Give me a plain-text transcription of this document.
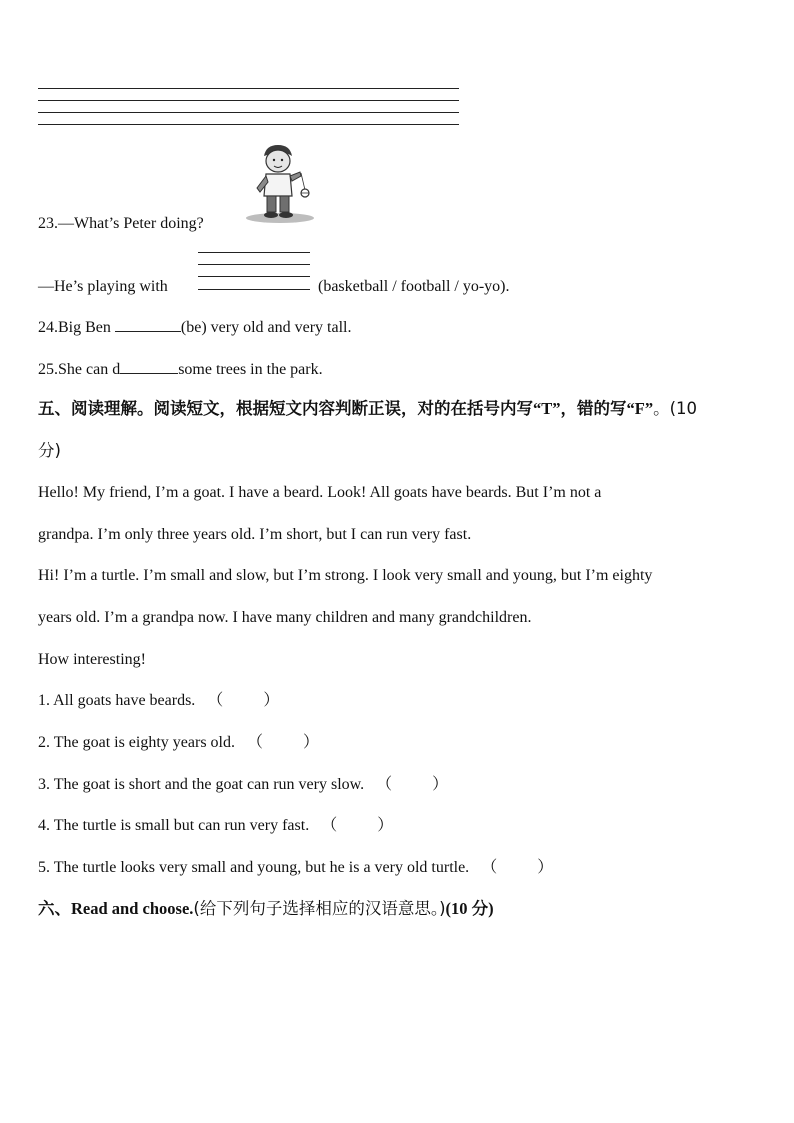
23.—What’s Peter doing?
—He’s playing with	(basketball / football / yo-yo).
24.Big Ben	(be) very old and very tall.
25.She can d	some trees in the park.
五、阅读理解。阅读短文，根据短文内容判断正误，对的在括号内写“T”，错的写“F”。(10
分)
Hello! My friend, I’m a goat. I have a beard. Look! All goats have beards. But I’m not a
grandpa. I’m only three years old. I’m short, but I can run very fast.
Hi! I’m a turtle. I’m small and slow, but I’m strong. I look very small and young, but I’m eighty
years old. I’m a grandpa now. I have many children and many grandchildren.
How interesting!
1. All goats have beards. （	）
2. The goat is eighty years old. （	）
3. The goat is short and the goat can run very slow. （	）
4. The turtle is small but can run very fast. （	）
5. The turtle looks very small and young, but he is a very old turtle. （	）
六、Read and choose.(给下列句子选择相应的汉语意思。)(10 分)
